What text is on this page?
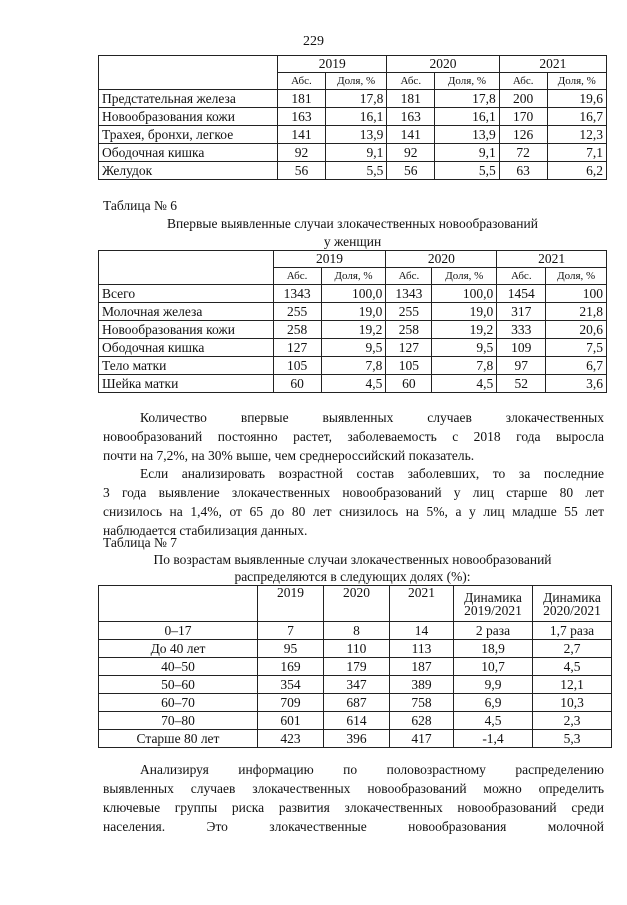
229
	2019		2020		2021	
	Абс.	Доля, %	Абс.	Доля, %	Абс.	Доля, %
Предстательная железа	181	17,8	181	17,8	200	19,6
Новообразования кожи	163	16,1	163	16,1	170	16,7
Трахея, бронхи, легкое	141	13,9	141	13,9	126	12,3
Ободочная кишка	92	9,1	92	9,1	72	7,1
Желудок	56	5,5	56	5,5	63	6,2
Таблица № 6
Впервые выявленные случаи злокачественных новообразований
у женщин
	2019		2020		2021	
	Абс.	Доля, %	Абс.	Доля, %	Абс.	Доля, %
Всего	1343	100,0	1343	100,0	1454	100
Молочная железа	255	19,0	255	19,0	317	21,8
Новообразования кожи	258	19,2	258	19,2	333	20,6
Ободочная кишка	127	9,5	127	9,5	109	7,5
Тело матки	105	7,8	105	7,8	97	6,7
Шейка матки	60	4,5	60	4,5	52	3,6
Количество впервые выявленных случаев злокачественных
новообразований постоянно растет, заболеваемость с 2018 года выросла
почти на 7,2%, на 30% выше, чем среднероссийский показатель.
Если анализировать возрастной состав заболевших, то за последние
3 года выявление злокачественных новообразований у лиц старше 80 лет
снизилось на 1,4%, от 65 до 80 лет снизилось на 5%, а у лиц младше 55 лет
наблюдается стабилизация данных.
Таблица № 7
По возрастам выявленные случаи злокачественных новообразований
распределяются в следующих долях (%):
	2019	2020	2021	Динамика 2019/2021	Динамика 2020/2021
0–17	7	8	14	2 раза	1,7 раза
До 40 лет	95	110	113	18,9	2,7
40–50	169	179	187	10,7	4,5
50–60	354	347	389	9,9	12,1
60–70	709	687	758	6,9	10,3
70–80	601	614	628	4,5	2,3
Старше 80 лет	423	396	417	-1,4	5,3
Анализируя информацию по половозрастному распределению
выявленных случаев злокачественных новообразований можно определить
ключевые группы риска развития злокачественных новообразований среди
населения. Это злокачественные новообразования молочной
